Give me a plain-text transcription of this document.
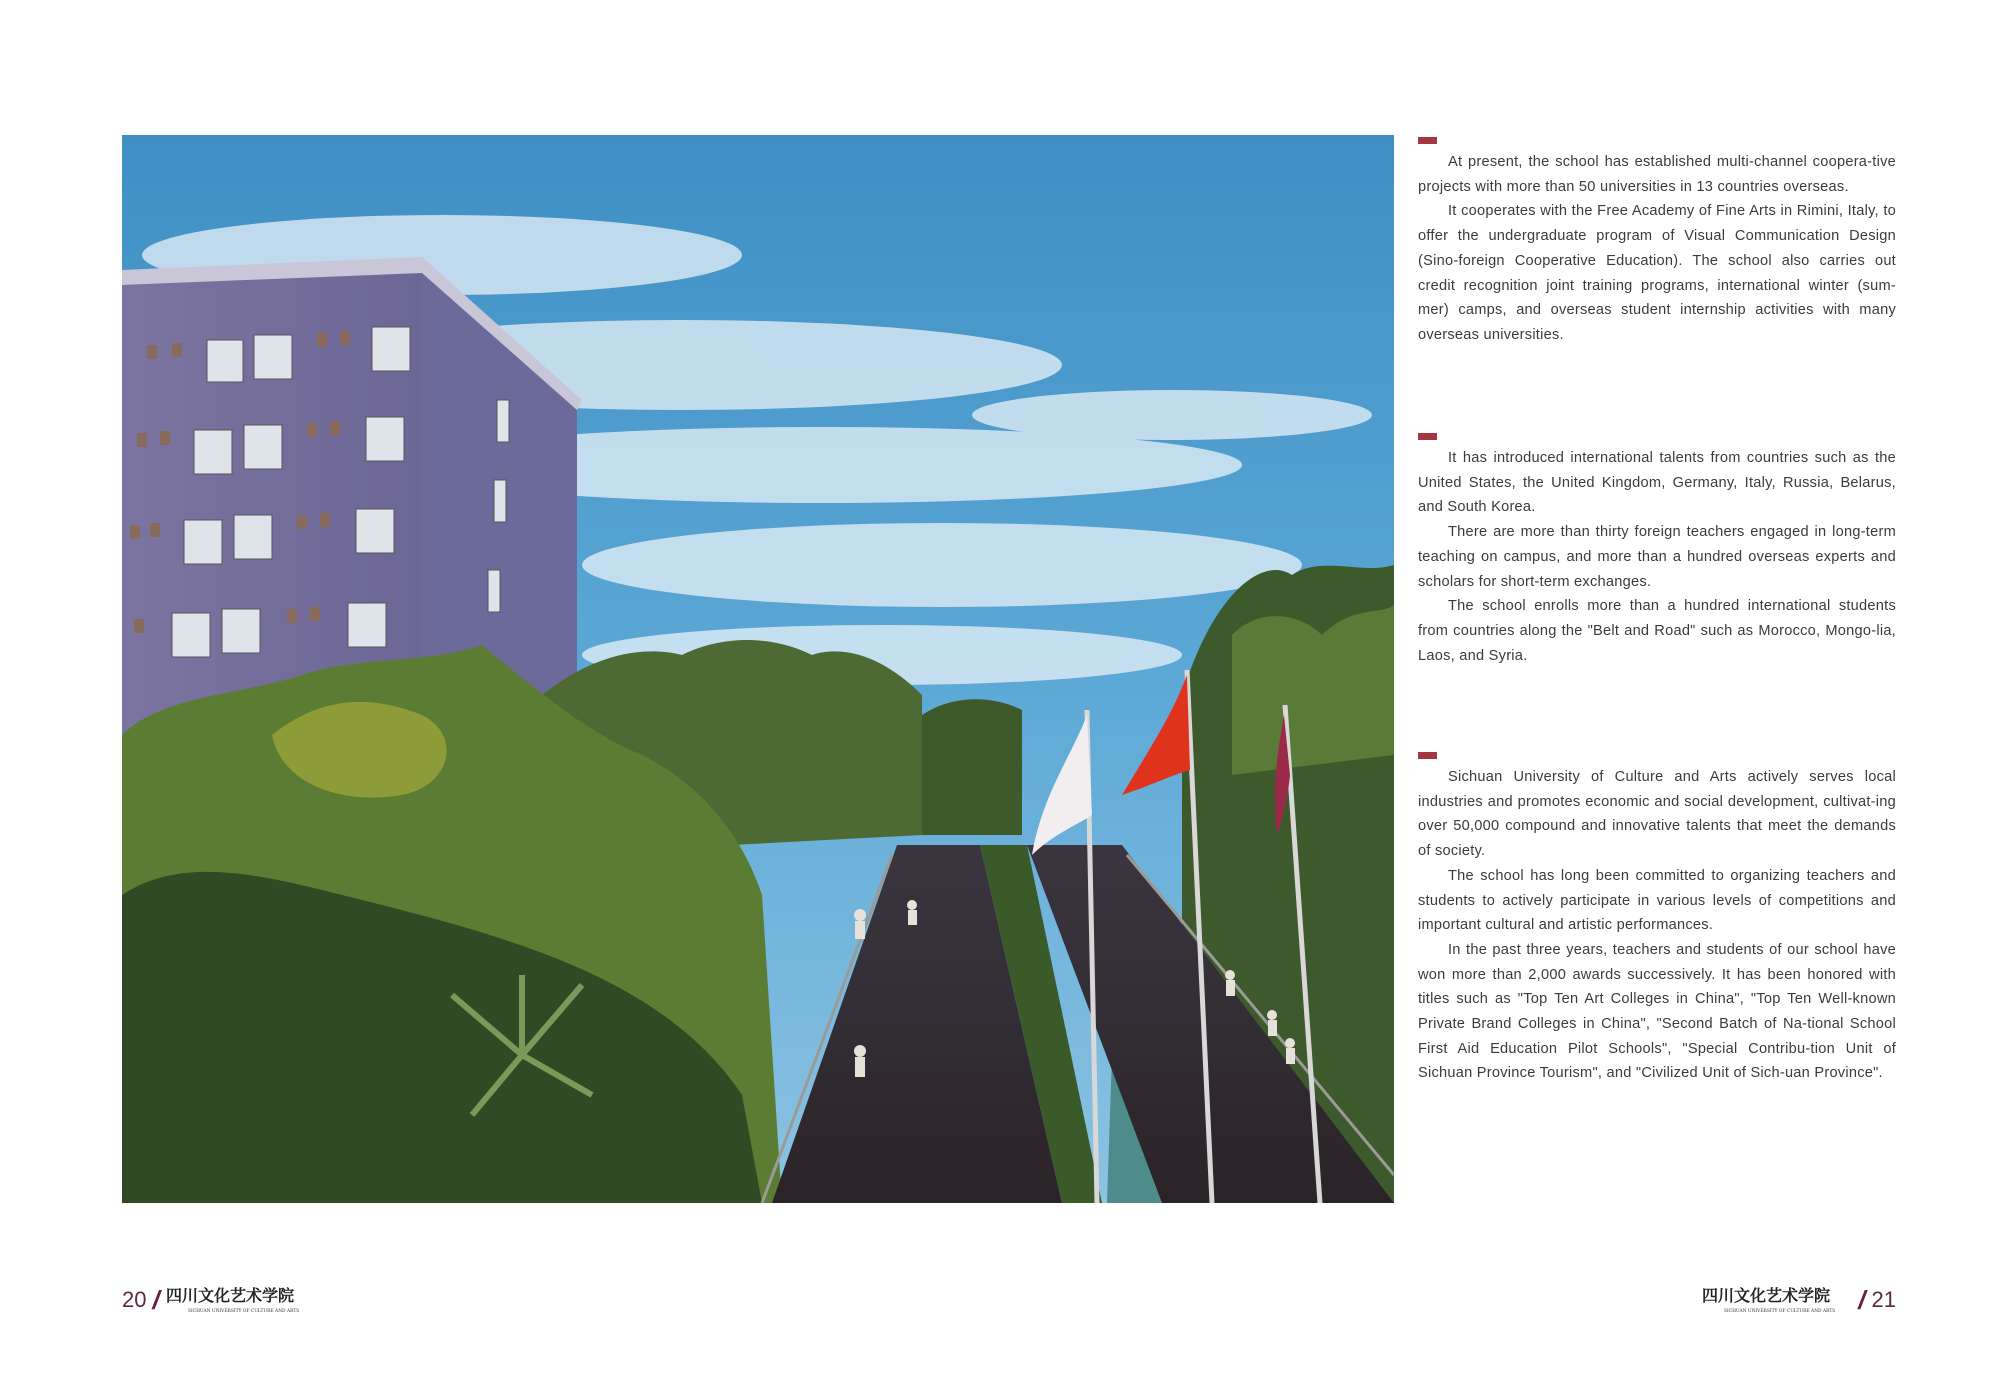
At present, the school has established multi-channel coopera-tive projects with more than 50 universities in 13 countries overseas.

It cooperates with the Free Academy of Fine Arts in Rimini, Italy, to offer the undergraduate program of Visual Communication Design (Sino-foreign Cooperative Education). The school also carries out credit recognition joint training programs, international winter (sum-mer) camps, and overseas student internship activities with many overseas universities.

It has introduced international talents from countries such as the United States, the United Kingdom, Germany, Italy, Russia, Belarus, and South Korea.

There are more than thirty foreign teachers engaged in long-term teaching on campus, and more than a hundred overseas experts and scholars for short-term exchanges.

The school enrolls more than a hundred international students from countries along the "Belt and Road" such as Morocco, Mongo-lia, Laos, and Syria.

Sichuan University of Culture and Arts actively serves local industries and promotes economic and social development, cultivat-ing over 50,000 compound and innovative talents that meet the demands of society.

The school has long been committed to organizing teachers and students to actively participate in various levels of competitions and important cultural and artistic performances.

In the past three years, teachers and students of our school have won more than 2,000 awards successively. It has been honored with titles such as "Top Ten Art Colleges in China", "Top Ten Well-known Private Brand Colleges in China", "Second Batch of Na-tional School First Aid Education Pilot Schools", "Special Contribu-tion Unit of Sichuan Province Tourism", and "Civilized Unit of Sich-uan Province".

20 / 四川文化艺术学院
SICHUAN UNIVERSITY OF CULTURE AND ARTS
四川文化艺术学院
SICHUAN UNIVERSITY OF CULTURE AND ARTS / 21
